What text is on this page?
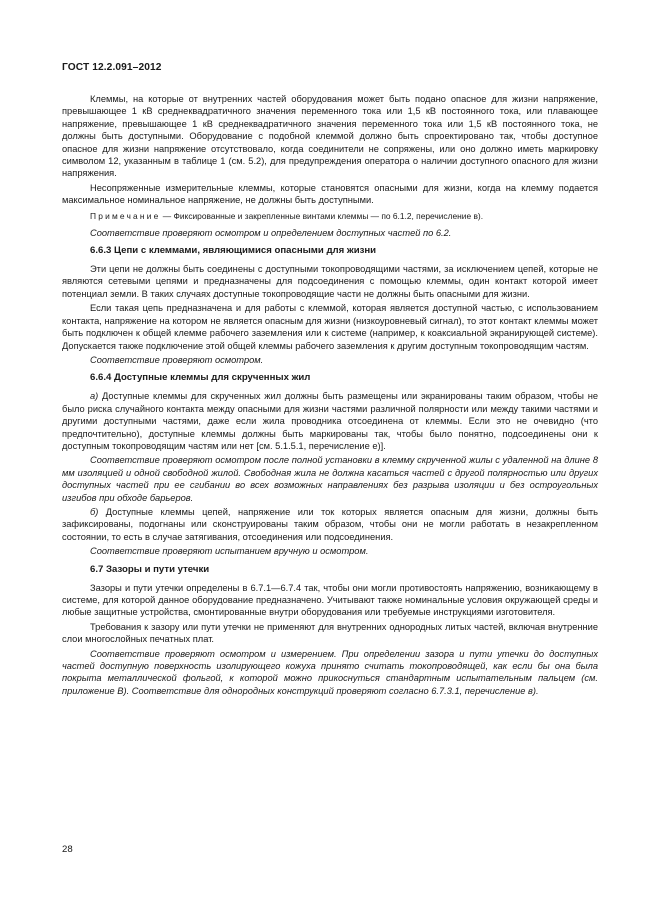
ГОСТ 12.2.091–2012

Клеммы, на которые от внутренних частей оборудования может быть подано опасное для жизни напряжение, превышающее 1 кВ среднеквадратичного значения переменного тока или 1,5 кВ постоянного тока, или плавающее напряжение, превышающее 1 кВ среднеквадратичного значения переменного тока или 1,5 кВ постоянного тока, не должны быть доступными. Оборудование с подобной клеммой должно быть спроектировано так, чтобы доступное опасное для жизни напряжение отсутствовало, когда соединители не сопряжены, или оно должно иметь маркировку символом 12, указанным в таблице 1 (см. 5.2), для предупреждения оператора о наличии доступного опасного для жизни напряжения.

Несопряженные измерительные клеммы, которые становятся опасными для жизни, когда на клемму подается максимальное номинальное напряжение, не должны быть доступными.

Примечание — Фиксированные и закрепленные винтами клеммы — по 6.1.2, перечисление в).

Соответствие проверяют осмотром и определением доступных частей по 6.2.

6.6.3 Цепи с клеммами, являющимися опасными для жизни

Эти цепи не должны быть соединены с доступными токопроводящими частями, за исключением цепей, которые не являются сетевыми цепями и предназначены для подсоединения с помощью клеммы, один контакт которой имеет потенциал земли. В таких случаях доступные токопроводящие части не должны быть опасными для жизни.

Если такая цепь предназначена и для работы с клеммой, которая является доступной частью, с использованием контакта, напряжение на котором не является опасным для жизни (низкоуровневый сигнал), то этот контакт клеммы может быть подключен к общей клемме рабочего заземления или к системе (например, к коаксиальной экранирующей системе). Допускается также подключение этой общей клеммы рабочего заземления к другим доступным токопроводящим частям.

Соответствие проверяют осмотром.

6.6.4 Доступные клеммы для скрученных жил

а) Доступные клеммы для скрученных жил должны быть размещены или экранированы таким образом, чтобы не было риска случайного контакта между опасными для жизни частями различной полярности или между такими частями и другими доступными частями, даже если жила проводника отсоединена от клеммы. Если это не очевидно (что предпочтительно), доступные клеммы должны быть маркированы так, чтобы было понятно, подсоединены они к доступным токопроводящим частям или нет [см. 5.1.5.1, перечисление е)].

Соответствие проверяют осмотром после полной установки в клемму скрученной жилы с удаленной на длине 8 мм изоляцией и одной свободной жилой. Свободная жила не должна касаться частей с другой полярностью или других доступных частей при ее сгибании во всех возможных направлениях без разрыва изоляции и без остроугольных изгибов при обходе барьеров.

б) Доступные клеммы цепей, напряжение или ток которых является опасным для жизни, должны быть зафиксированы, подогнаны или сконструированы таким образом, чтобы они не могли работать в незакрепленном состоянии, то есть в случае затягивания, отсоединения или подсоединения.

Соответствие проверяют испытанием вручную и осмотром.

6.7 Зазоры и пути утечки

Зазоры и пути утечки определены в 6.7.1—6.7.4 так, чтобы они могли противостоять напряжению, возникающему в системе, для которой данное оборудование предназначено. Учитывают также номинальные условия окружающей среды и любые защитные устройства, смонтированные внутри оборудования или требуемые инструкциями изготовителя.

Требования к зазору или пути утечки не применяют для внутренних однородных литых частей, включая внутренние слои многослойных печатных плат.

Соответствие проверяют осмотром и измерением. При определении зазора и пути утечки до доступных частей доступную поверхность изолирующего кожуха принято считать токопроводящей, как если бы она была покрыта металлической фольгой, к которой можно прикоснуться стандартным испытательным пальцем (см. приложение В). Соответствие для однородных конструкций проверяют согласно 6.7.3.1, перечисление в).

28
